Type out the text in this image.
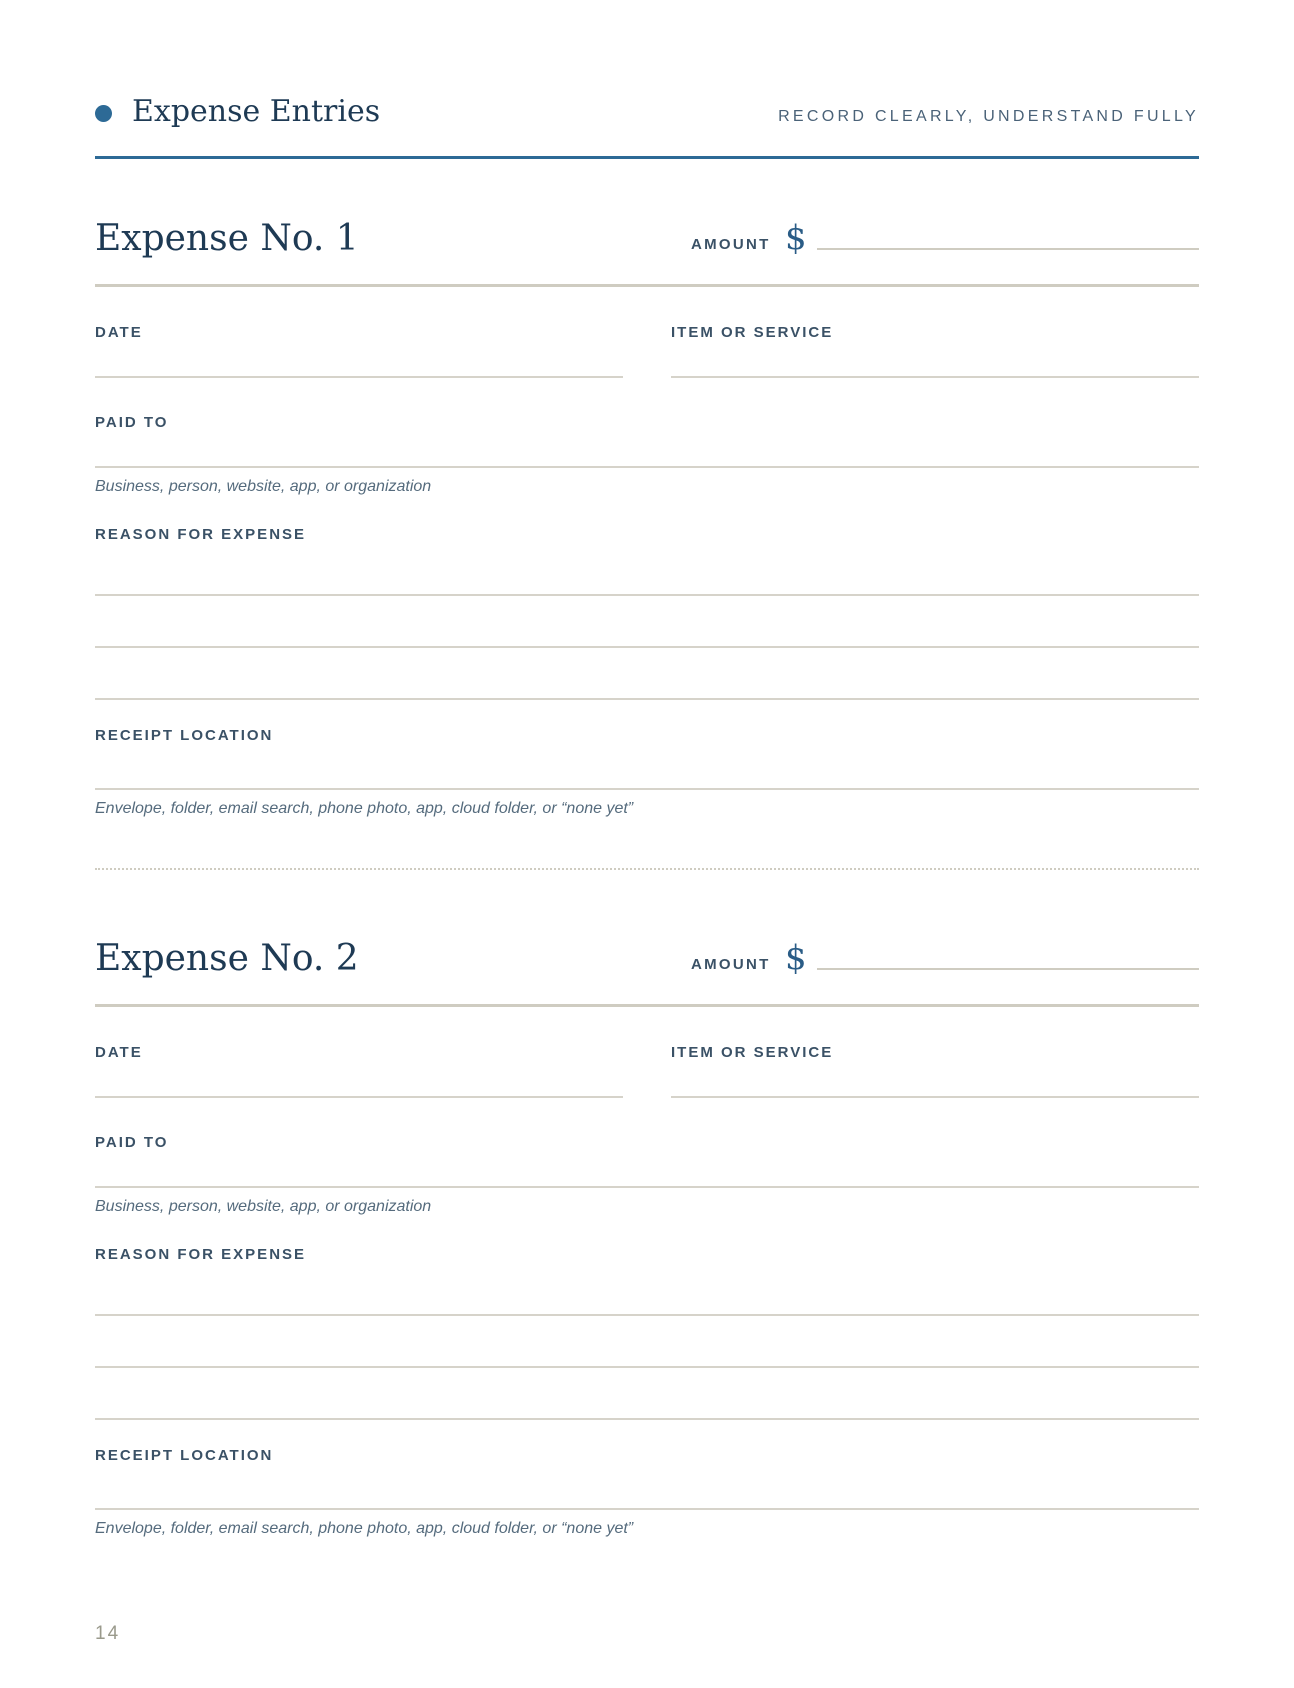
Expense Entries	RECORD CLEARLY, UNDERSTAND FULLY
Expense No. 1	AMOUNT $
DATE	ITEM OR SERVICE
PAID TO
Business, person, website, app, or organization
REASON FOR EXPENSE
RECEIPT LOCATION
Envelope, folder, email search, phone photo, app, cloud folder, or “none yet”
Expense No. 2	AMOUNT $
DATE	ITEM OR SERVICE
PAID TO
Business, person, website, app, or organization
REASON FOR EXPENSE
RECEIPT LOCATION
Envelope, folder, email search, phone photo, app, cloud folder, or “none yet”
14
